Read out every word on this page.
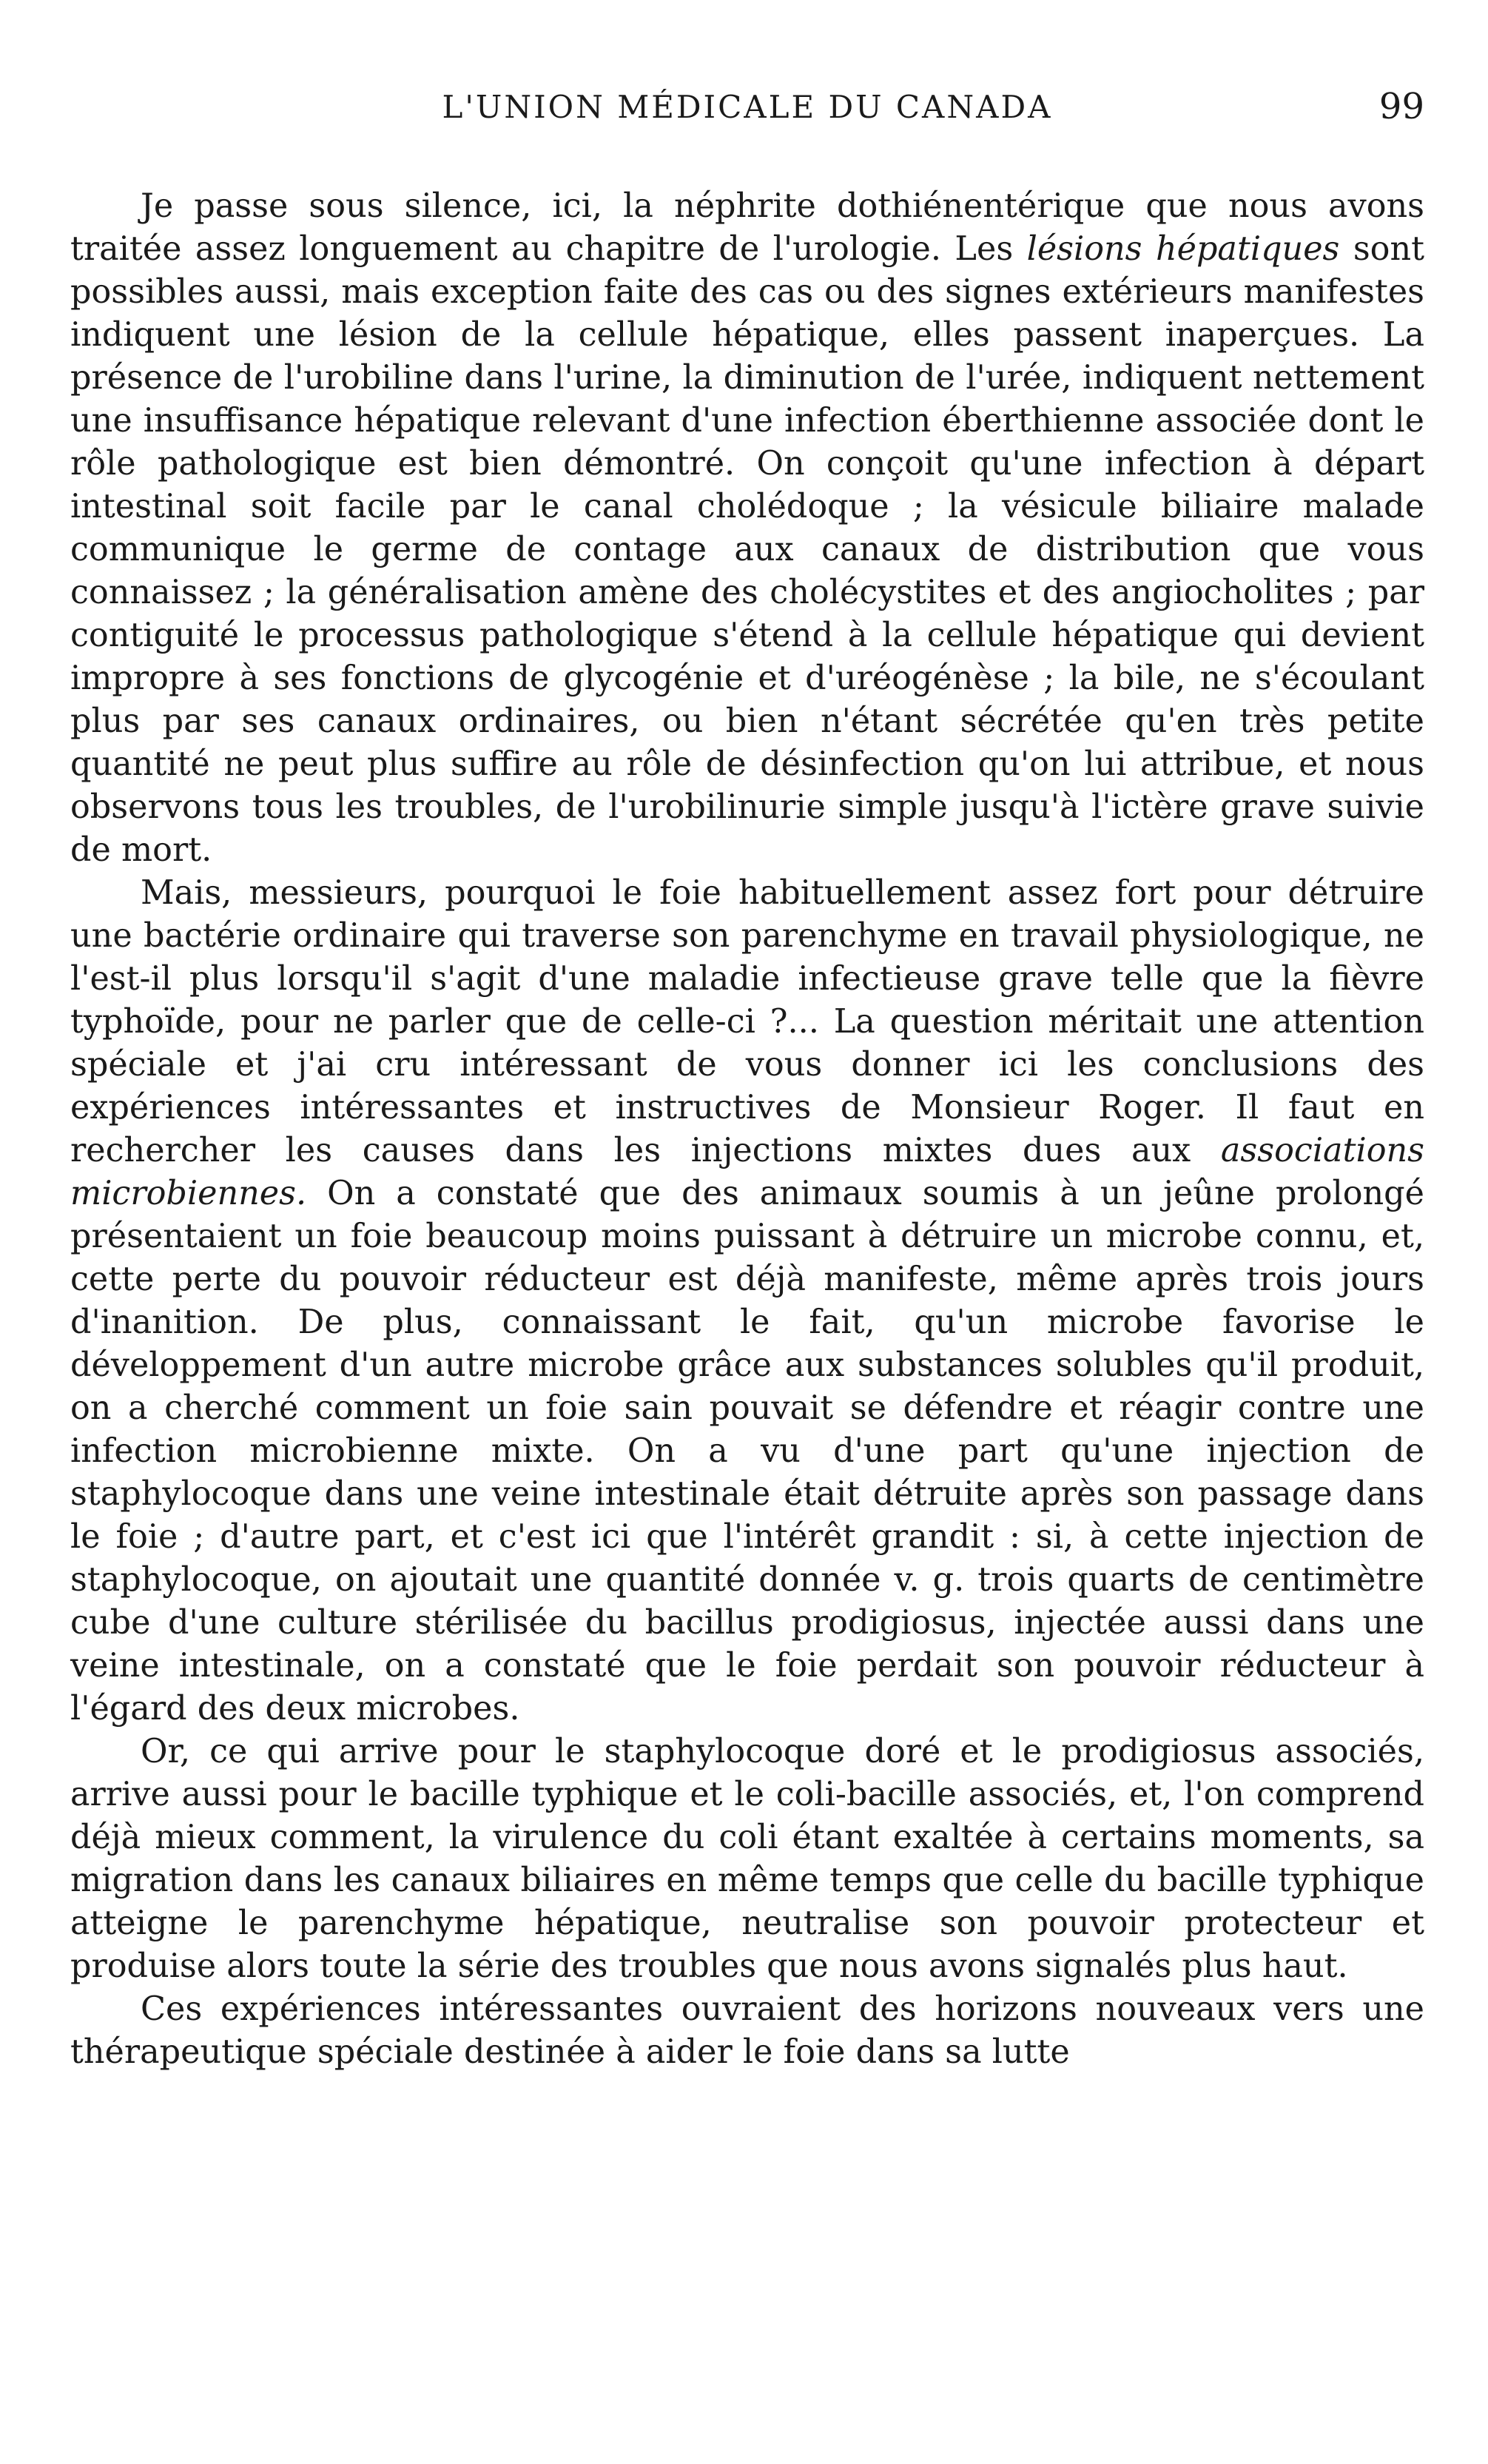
L'UNION MÉDICALE DU CANADA	99

Je passe sous silence, ici, la néphrite dothiénentérique que nous avons traitée assez longuement au chapitre de l'urologie. Les lésions hépatiques sont possibles aussi, mais exception faite des cas ou des signes extérieurs manifestes indiquent une lésion de la cellule hépatique, elles passent inaperçues. La présence de l'urobiline dans l'urine, la diminution de l'urée, indiquent nettement une insuffisance hépatique relevant d'une infection éberthienne associée dont le rôle pathologique est bien démontré. On conçoit qu'une infection à départ intestinal soit facile par le canal cholédoque ; la vésicule biliaire malade communique le germe de contage aux canaux de distribution que vous connaissez ; la généralisation amène des cholécystites et des angiocholites ; par contiguité le processus pathologique s'étend à la cellule hépatique qui devient impropre à ses fonctions de glycogénie et d'uréogénèse ; la bile, ne s'écoulant plus par ses canaux ordinaires, ou bien n'étant sécrétée qu'en très petite quantité ne peut plus suffire au rôle de désinfection qu'on lui attribue, et nous observons tous les troubles, de l'urobilinurie simple jusqu'à l'ictère grave suivie de mort.

Mais, messieurs, pourquoi le foie habituellement assez fort pour détruire une bactérie ordinaire qui traverse son parenchyme en travail physiologique, ne l'est-il plus lorsqu'il s'agit d'une maladie infectieuse grave telle que la fièvre typhoïde, pour ne parler que de celle-ci ?... La question méritait une attention spéciale et j'ai cru intéressant de vous donner ici les conclusions des expériences intéressantes et instructives de Monsieur Roger. Il faut en rechercher les causes dans les injections mixtes dues aux associations microbiennes. On a constaté que des animaux soumis à un jeûne prolongé présentaient un foie beaucoup moins puissant à détruire un microbe connu, et, cette perte du pouvoir réducteur est déjà manifeste, même après trois jours d'inanition. De plus, connaissant le fait, qu'un microbe favorise le développement d'un autre microbe grâce aux substances solubles qu'il produit, on a cherché comment un foie sain pouvait se défendre et réagir contre une infection microbienne mixte. On a vu d'une part qu'une injection de staphylocoque dans une veine intestinale était détruite après son passage dans le foie ; d'autre part, et c'est ici que l'intérêt grandit : si, à cette injection de staphylocoque, on ajoutait une quantité donnée v. g. trois quarts de centimètre cube d'une culture stérilisée du bacillus prodigiosus, injectée aussi dans une veine intestinale, on a constaté que le foie perdait son pouvoir réducteur à l'égard des deux microbes.

Or, ce qui arrive pour le staphylocoque doré et le prodigiosus associés, arrive aussi pour le bacille typhique et le coli-bacille associés, et, l'on comprend déjà mieux comment, la virulence du coli étant exaltée à certains moments, sa migration dans les canaux biliaires en même temps que celle du bacille typhique atteigne le parenchyme hépatique, neutralise son pouvoir protecteur et produise alors toute la série des troubles que nous avons signalés plus haut.

Ces expériences intéressantes ouvraient des horizons nouveaux vers une thérapeutique spéciale destinée à aider le foie dans sa lutte
